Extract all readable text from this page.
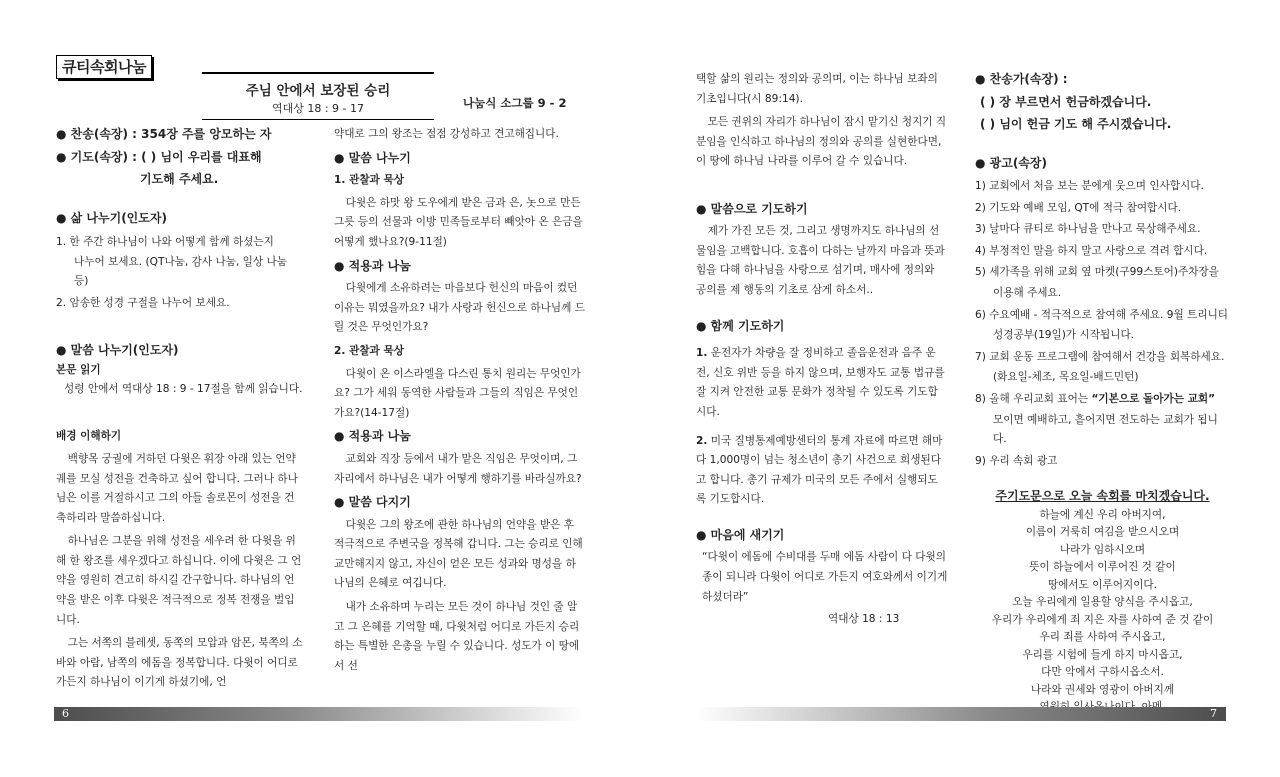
큐티속회나눔
주님 안에서 보장된 승리
역대상 18 : 9 - 17	나눔식 소그룹 9 - 2

● 찬송(속장) : 354장 주를 앙모하는 자

● 기도(속장) : ( ) 님이 우리를 대표해

기도해 주세요.

● 삶 나누기(인도자)

1. 한 주간 하나님이 나와 어떻게 함께 하셨는지

나누어 보세요. (QT나눔, 감사 나눔, 일상 나눔 등)

2. 암송한 성경 구절을 나누어 보세요.

● 말씀 나누기(인도자)

본문 읽기

성령 안에서 역대상 18 : 9 - 17절을 함께 읽습니다.

배경 이해하기

백향목 궁궐에 거하던 다윗은 휘장 아래 있는 언약궤를 모실 성전을 건축하고 싶어 합니다. 그러나 하나님은 이를 거절하시고 그의 아들 솔로몬이 성전을 건축하리라 말씀하십니다.

하나님은 그분을 위해 성전을 세우려 한 다윗을 위해 한 왕조를 세우겠다고 하십니다. 이에 다윗은 그 언약을 영원히 견고히 하시길 간구합니다. 하나님의 언약을 받은 이후 다윗은 적극적으로 정복 전쟁을 벌입니다.

그는 서쪽의 블레셋, 동쪽의 모압과 암몬, 북쪽의 소바와 아람, 남쪽의 에돔을 정복합니다. 다윗이 어디로 가든지 하나님이 이기게 하셨기에, 언

약대로 그의 왕조는 점점 강성하고 견고해집니다.

● 말씀 나누기

1. 관찰과 묵상

다윗은 하맛 왕 도우에게 받은 금과 은, 놋으로 만든 그릇 등의 선물과 이방 민족들로부터 빼앗아 온 은금을 어떻게 했나요?(9-11절)

● 적용과 나눔

다윗에게 소유하려는 마음보다 헌신의 마음이 컸던 이유는 뭐였을까요? 내가 사랑과 헌신으로 하나님께 드릴 것은 무엇인가요?

2. 관찰과 묵상

다윗이 온 이스라엘을 다스린 통치 원리는 무엇인가요? 그가 세워 동역한 사람들과 그들의 직임은 무엇인가요?(14-17절)

● 적용과 나눔

교회와 직장 등에서 내가 맡은 직임은 무엇이며, 그 자리에서 하나님은 내가 어떻게 행하기를 바라실까요?

● 말씀 다지기

다윗은 그의 왕조에 관한 하나님의 언약을 받은 후 적극적으로 주변국을 정복해 갑니다. 그는 승리로 인해 교만해지지 않고, 자신이 얻은 모든 성과와 명성을 하나님의 은혜로 여깁니다.

내가 소유하며 누리는 모든 것이 하나님 것인 줄 알고 그 은혜를 기억할 때, 다윗처럼 어디로 가든지 승리하는 특별한 은총을 누릴 수 있습니다. 성도가 이 땅에서 선

택할 삶의 원리는 정의와 공의며, 이는 하나님 보좌의 기초입니다(시 89:14).

모든 권위의 자리가 하나님이 잠시 맡기신 청지기 직분임을 인식하고 하나님의 정의와 공의를 실현한다면, 이 땅에 하나님 나라를 이루어 갈 수 있습니다.

● 말씀으로 기도하기

제가 가진 모든 것, 그리고 생명까지도 하나님의 선물임을 고백합니다. 호흡이 다하는 날까지 마음과 뜻과 힘을 다해 하나님을 사랑으로 섬기며, 매사에 정의와 공의를 제 행동의 기초로 삼게 하소서..

● 함께 기도하기

1. 운전자가 차량을 잘 정비하고 졸음운전과 음주 운전, 신호 위반 등을 하지 않으며, 보행자도 교통 법규를 잘 지켜 안전한 교통 문화가 정착될 수 있도록 기도합시다.

2. 미국 질병통제예방센터의 통계 자료에 따르면 해마다 1,000명이 넘는 청소년이 총기 사건으로 희생된다고 합니다. 총기 규제가 미국의 모든 주에서 실행되도록 기도합시다.

● 마음에 새기기

“다윗이 에돔에 수비대를 두매 에돔 사람이 다 다윗의 종이 되니라 다윗이 어디로 가든지 여호와께서 이기게 하셨더라”

역대상 18 : 13

● 찬송가(속장) :

( ) 장 부르면서 헌금하겠습니다.

( ) 님이 헌금 기도 해 주시겠습니다.

● 광고(속장)

1) 교회에서 처음 보는 분에게 웃으며 인사합시다.

2) 기도와 예배 모임, QT에 적극 참여합시다.

3) 날마다 큐티로 하나님을 만나고 묵상해주세요.

4) 부정적인 말을 하지 말고 사랑으로 격려 합시다.

5) 세가족을 위해 교회 옆 마켓(구99스토어)주차장을

이용해 주세요.

6) 수요예배 - 적극적으로 참여해 주세요. 9월 트리니티

성경공부(19일)가 시작됩니다.

7) 교회 운동 프로그램에 참여해서 건강을 회복하세요.

(화요일-체조, 목요일-배드민턴)

8) 올해 우리교회 표어는 “기본으로 돌아가는 교회”

모이면 예배하고, 흩어지면 전도하는 교회가 됩니다.

9) 우리 속회 광고

주기도문으로 오늘 속회를 마치겠습니다.

하늘에 계신 우리 아버지여,

이름이 거룩히 여김을 받으시오며

나라가 임하시오며

뜻이 하늘에서 이루어진 것 같이

땅에서도 이루어지이다.

오늘 우리에게 일용할 양식을 주시옵고,

우리가 우리에게 죄 지은 자를 사하여 준 것 같이

우리 죄를 사하여 주시옵고,

우리를 시험에 들게 하지 마시옵고,

다만 악에서 구하시옵소서.

나라와 권세와 영광이 아버지께

6	7
